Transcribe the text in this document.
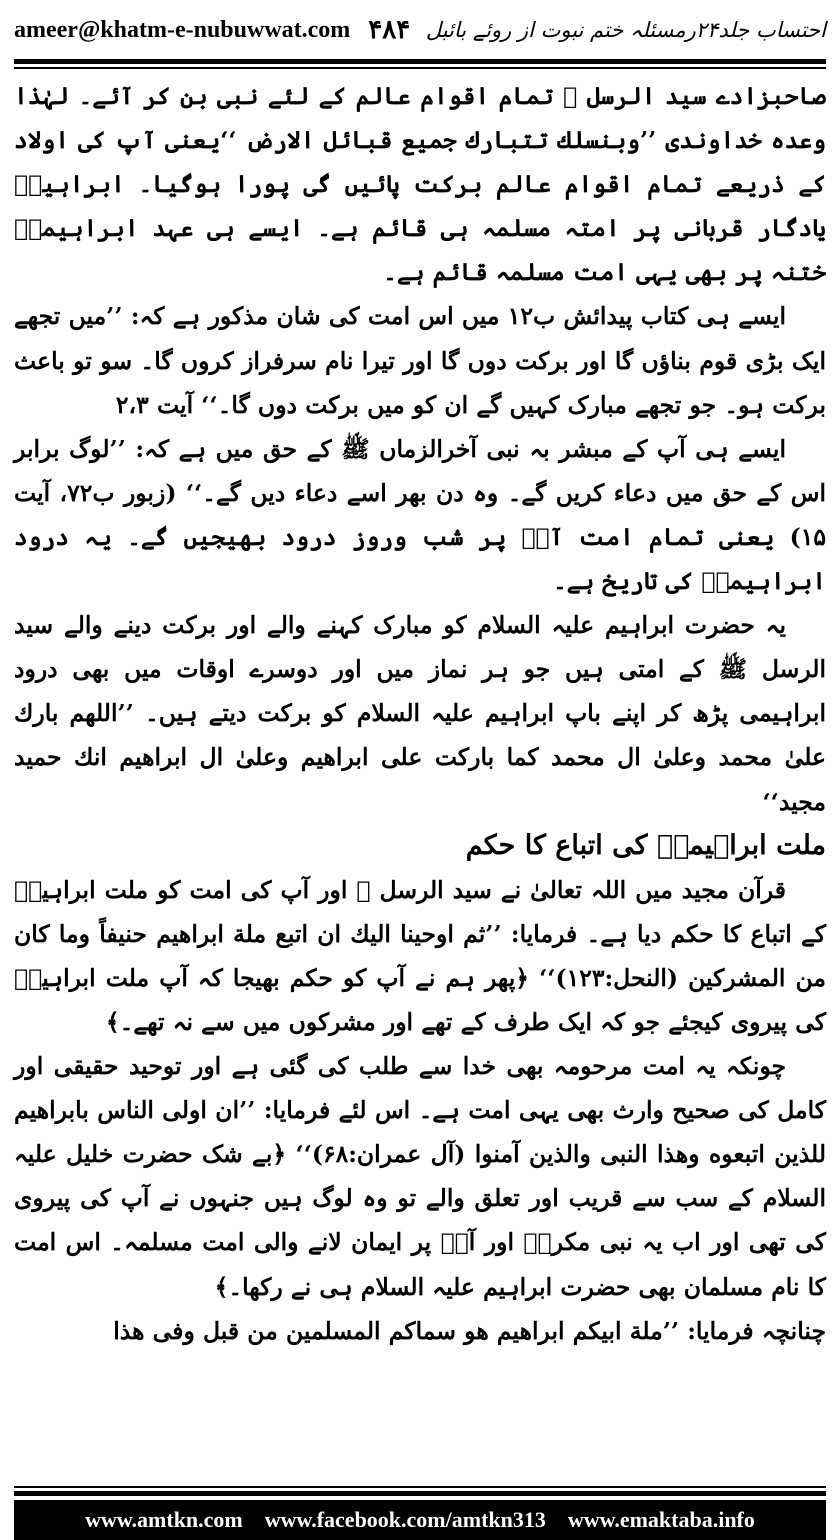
ameer@khatm-e-nubuwwat.com ۴۸۴ احتساب جلد۲۴رمسئلہ ختم نبوت از روئے بائبل

صاحبزادے سید الرسل ﷺ تمام اقوام عالم کے لئے نبی بن کر آئے۔ لہٰذا وعدہ خداوندی ’’وبنسلك تتبارك جميع قبائل الارض ‘‘یعنی آپ کی اولاد کے ذریعے تمام اقوام عالم برکت پائیں گی پورا ہوگیا۔ ابراہیمؑ یادگار قربانی پر امتہ مسلمہ ہی قائم ہے۔ ایسے ہی عہد ابراہیمیؑ ختنہ پر بھی یہی امت مسلمہ قائم ہے۔

ایسے ہی کتاب پیدائش ب۱۲ میں اس امت کی شان مذکور ہے کہ: ’’میں تجھے ایک بڑی قوم بناؤں گا اور برکت دوں گا اور تیرا نام سرفراز کروں گا۔ سو تو باعث برکت ہو۔ جو تجھے مبارک کہیں گے ان کو میں برکت دوں گا۔‘‘ آیت ۲،۳

ایسے ہی آپ کے مبشر بہ نبی آخرالزماں ﷺ کے حق میں ہے کہ: ’’لوگ برابر اس کے حق میں دعاء کریں گے۔ وہ دن بھر اسے دعاء دیں گے۔‘‘ (زبور ب۷۲، آیت ۱۵) یعنی تمام امت آپؑ پر شب وروز درود بھیجیں گے۔ یہ درود ابراہیمیؑ کی تاریخ ہے۔

یہ حضرت ابراہیم علیہ السلام کو مبارک کہنے والے اور برکت دینے والے سید الرسل ﷺ کے امتی ہیں جو ہر نماز میں اور دوسرے اوقات میں بھی درود ابراہیمی پڑھ کر اپنے باپ ابراہیم علیہ السلام کو برکت دیتے ہیں۔ ’’اللهم بارك علىٰ محمد وعلىٰ ال محمد كما باركت على ابراهيم وعلىٰ ال ابراهيم انك حميد مجيد‘‘

ملت ابراہیمیؑ کی اتباع کا حکم

قرآن مجید میں اللہ تعالیٰ نے سید الرسل ﷺ اور آپ کی امت کو ملت ابراہیمؑ کے اتباع کا حکم دیا ہے۔ فرمایا: ’’ثم اوحينا اليك ان اتبع ملة ابراهيم حنيفاً وما كان من المشركين (النحل:۱۲۳)‘‘ ﴿پھر ہم نے آپ کو حکم بھیجا کہ آپ ملت ابراہیمؑ کی پیروی کیجئے جو کہ ایک طرف کے تھے اور مشرکوں میں سے نہ تھے۔﴾

چونکہ یہ امت مرحومہ بھی خدا سے طلب کی گئی ہے اور توحید حقیقی اور کامل کی صحیح وارث بھی یہی امت ہے۔ اس لئے فرمایا: ’’ان اولى الناس بابراهيم للذين اتبعوه وهذا النبى والذين آمنوا (آل عمران:۶۸)‘‘ ﴿بے شک حضرت خلیل علیہ السلام کے سب سے قریب اور تعلق والے تو وہ لوگ ہیں جنہوں نے آپ کی پیروی کی تھی اور اب یہ نبی مکرمؑ اور آپؑ پر ایمان لانے والی امت مسلمہ۔ اس امت کا نام مسلمان بھی حضرت ابراہیم علیہ السلام ہی نے رکھا۔﴾

چنانچہ فرمایا: ’’ملة ابيكم ابراهيم هو سماكم المسلمين من قبل وفى هذا

www.amtkn.com www.facebook.com/amtkn313 www.emaktaba.info
